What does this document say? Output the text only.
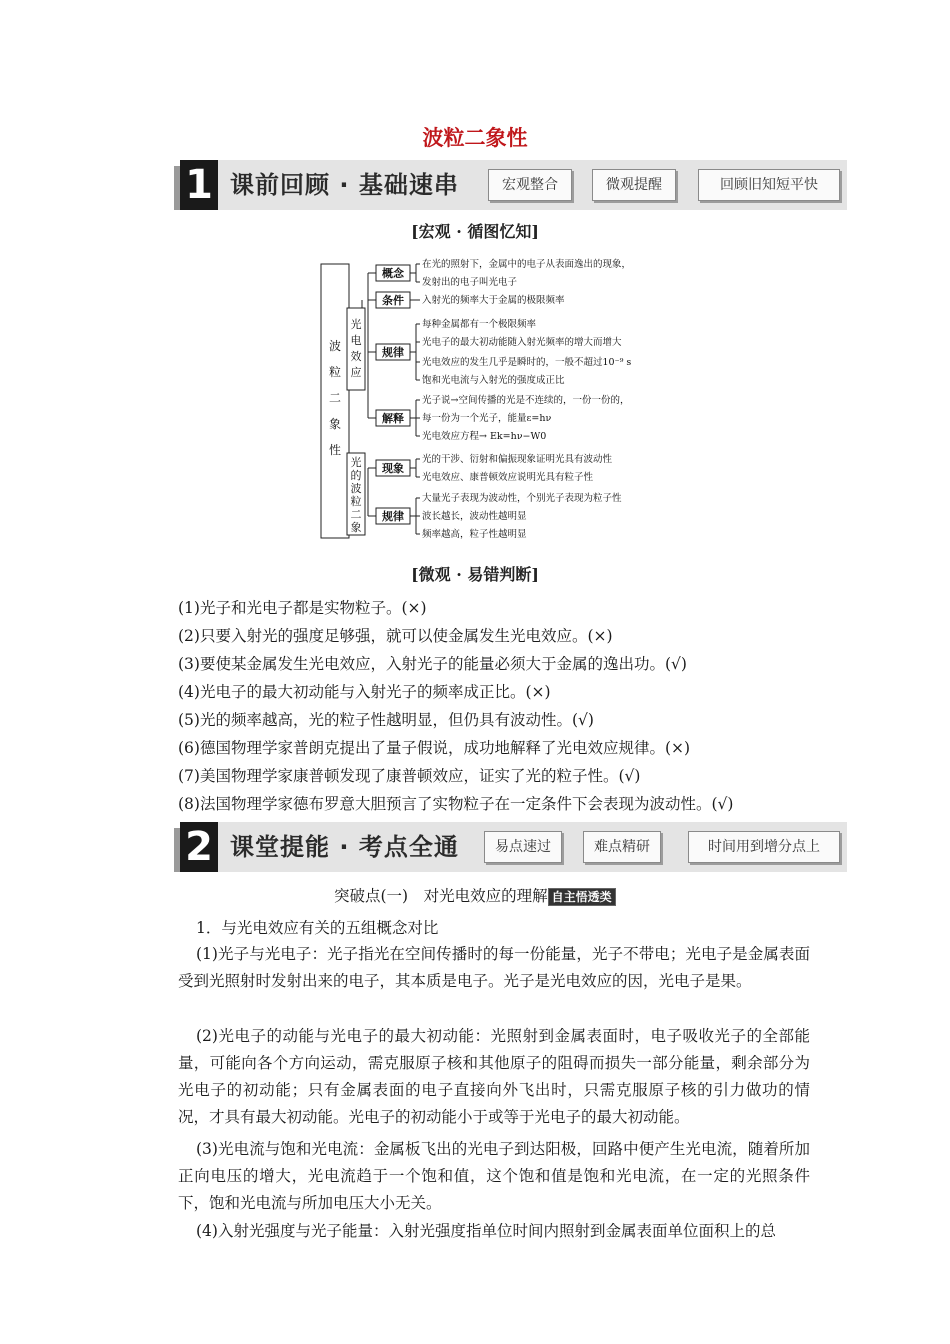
波粒二象性
1 课前回顾 · 基础速串	宏观整合	微观提醒	回顾旧知短平快
[宏观 · 循图忆知]
波
粒
二
象
性
光
电
效
应
光
的
波
粒
二
象
概念
条件
规律
解释
现象
规律
在光的照射下，金属中的电子从表面逸出的现象，
发射出的电子叫光电子
入射光的频率大于金属的极限频率
每种金属都有一个极限频率
光电子的最大初动能随入射光频率的增大而增大
光电效应的发生几乎是瞬时的，一般不超过10⁻⁹ s
饱和光电流与入射光的强度成正比
光子说→空间传播的光是不连续的，一份一份的，
每一份为一个光子，能量ε=hν
光电效应方程→ Ek=hν−W0
光的干涉、衍射和偏振现象证明光具有波动性
光电效应、康普顿效应说明光具有粒子性
大量光子表现为波动性，个别光子表现为粒子性
波长越长，波动性越明显
频率越高，粒子性越明显
[微观 · 易错判断]
(1)光子和光电子都是实物粒子。(×)
(2)只要入射光的强度足够强，就可以使金属发生光电效应。(×)
(3)要使某金属发生光电效应，入射光子的能量必须大于金属的逸出功。(√)
(4)光电子的最大初动能与入射光子的频率成正比。(×)
(5)光的频率越高，光的粒子性越明显，但仍具有波动性。(√)
(6)德国物理学家普朗克提出了量子假说，成功地解释了光电效应规律。(×)
(7)美国物理学家康普顿发现了康普顿效应，证实了光的粒子性。(√)
(8)法国物理学家德布罗意大胆预言了实物粒子在一定条件下会表现为波动性。(√)
2 课堂提能 · 考点全通	易点速过	难点精研	时间用到增分点上
突破点(一)　对光电效应的理解 自主悟透类
1．与光电效应有关的五组概念对比

(1)光子与光电子：光子指光在空间传播时的每一份能量，光子不带电；光电子是金属表面受到光照射时发射出来的电子，其本质是电子。光子是光电效应的因，光电子是果。

(2)光电子的动能与光电子的最大初动能：光照射到金属表面时，电子吸收光子的全部能量，可能向各个方向运动，需克服原子核和其他原子的阻碍而损失一部分能量，剩余部分为光电子的初动能；只有金属表面的电子直接向外飞出时，只需克服原子核的引力做功的情况，才具有最大初动能。光电子的初动能小于或等于光电子的最大初动能。

(3)光电流与饱和光电流：金属板飞出的光电子到达阳极，回路中便产生光电流，随着所加正向电压的增大，光电流趋于一个饱和值，这个饱和值是饱和光电流，在一定的光照条件下，饱和光电流与所加电压大小无关。

(4)入射光强度与光子能量：入射光强度指单位时间内照射到金属表面单位面积上的总
